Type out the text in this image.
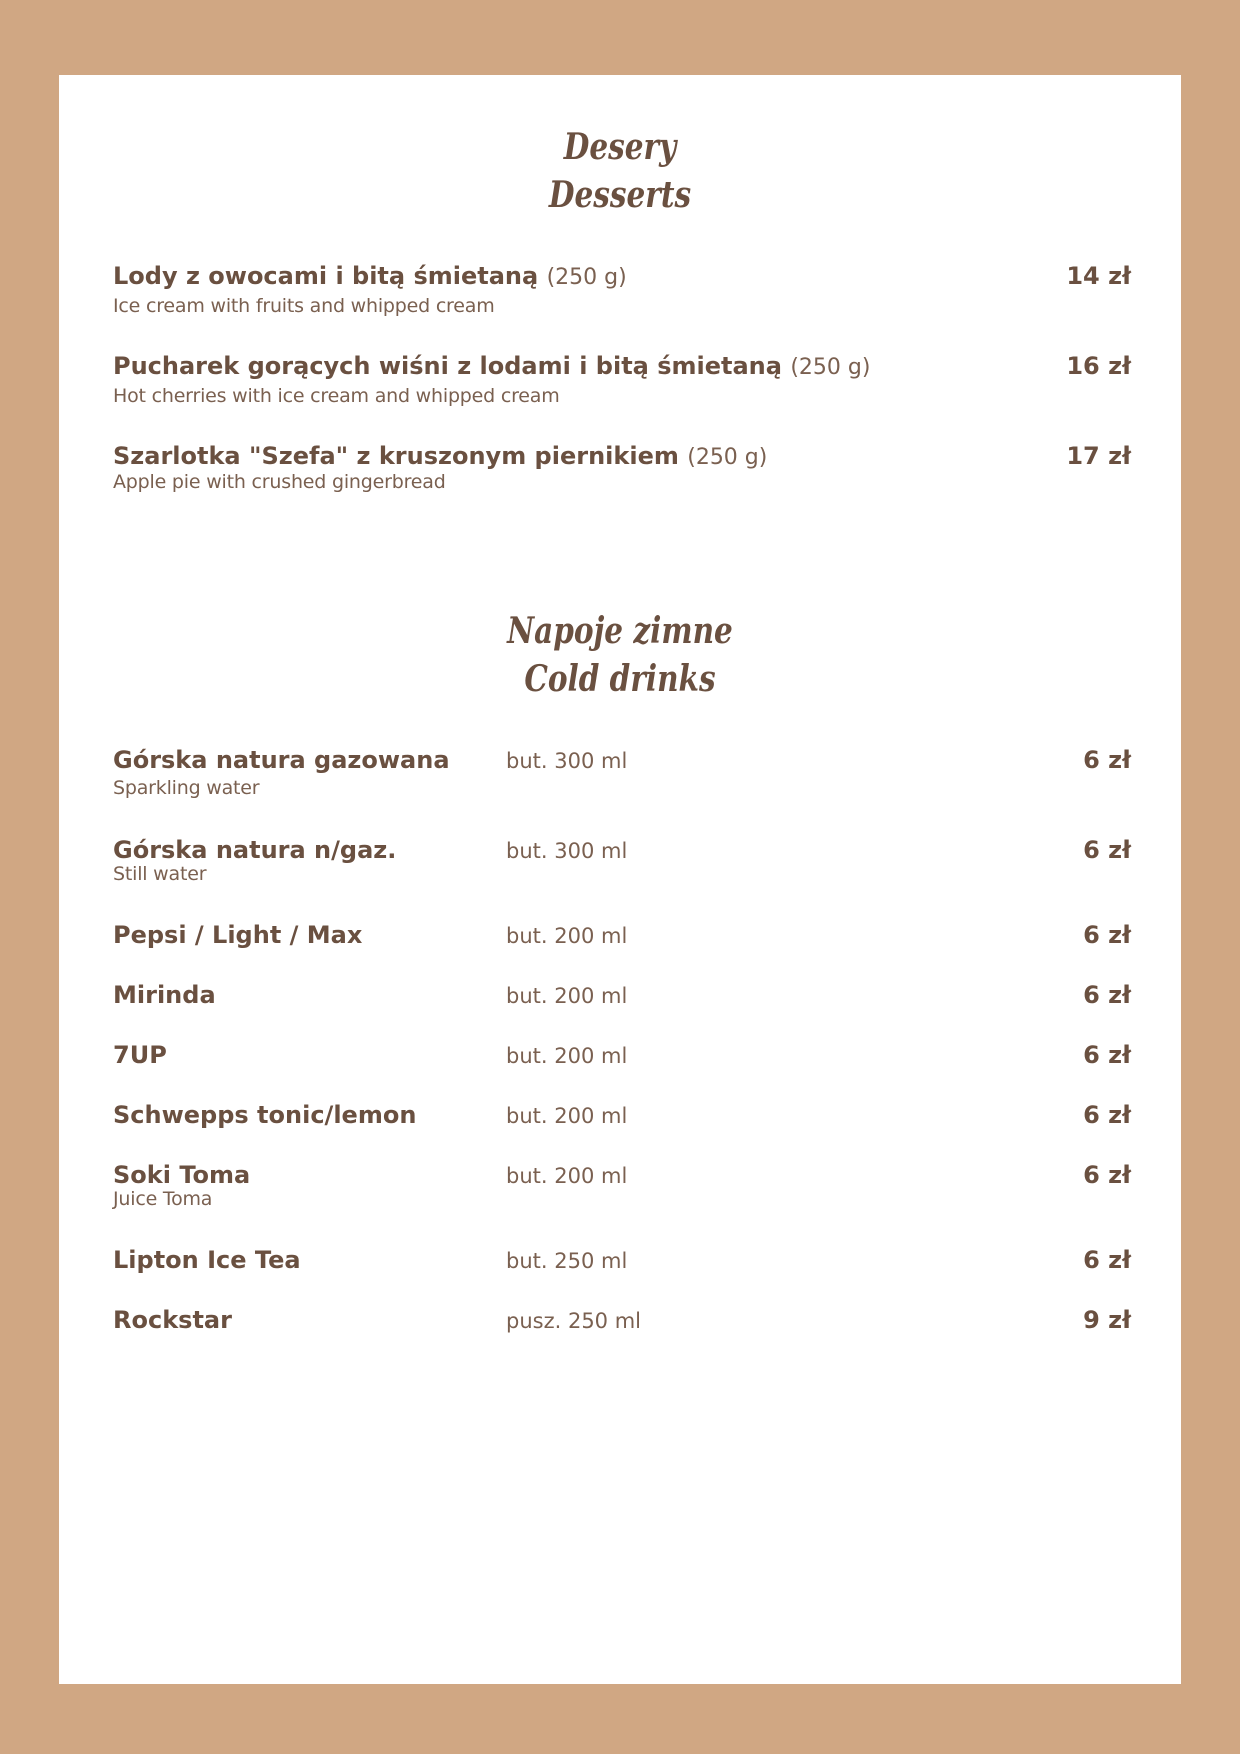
Desery
Desserts
Lody z owocami i bitą śmietaną (250 g)
Ice cream with fruits and whipped cream
14 zł
Pucharek gorących wiśni z lodami i bitą śmietaną (250 g)
Hot cherries with ice cream and whipped cream
16 zł
Szarlotka "Szefa" z kruszonym piernikiem (250 g)
Apple pie with crushed gingerbread
17 zł
Napoje zimne
Cold drinks
Górska natura gazowana
Sparkling water
but. 300 ml	6 zł
Górska natura n/gaz.
Still water
but. 300 ml	6 zł
Pepsi / Light / Max	but. 200 ml	6 zł
Mirinda	but. 200 ml	6 zł
7UP	but. 200 ml	6 zł
Schwepps tonic/lemon	but. 200 ml	6 zł
Soki Toma
Juice Toma
but. 200 ml	6 zł
Lipton Ice Tea	but. 250 ml	6 zł
Rockstar	pusz. 250 ml	9 zł
